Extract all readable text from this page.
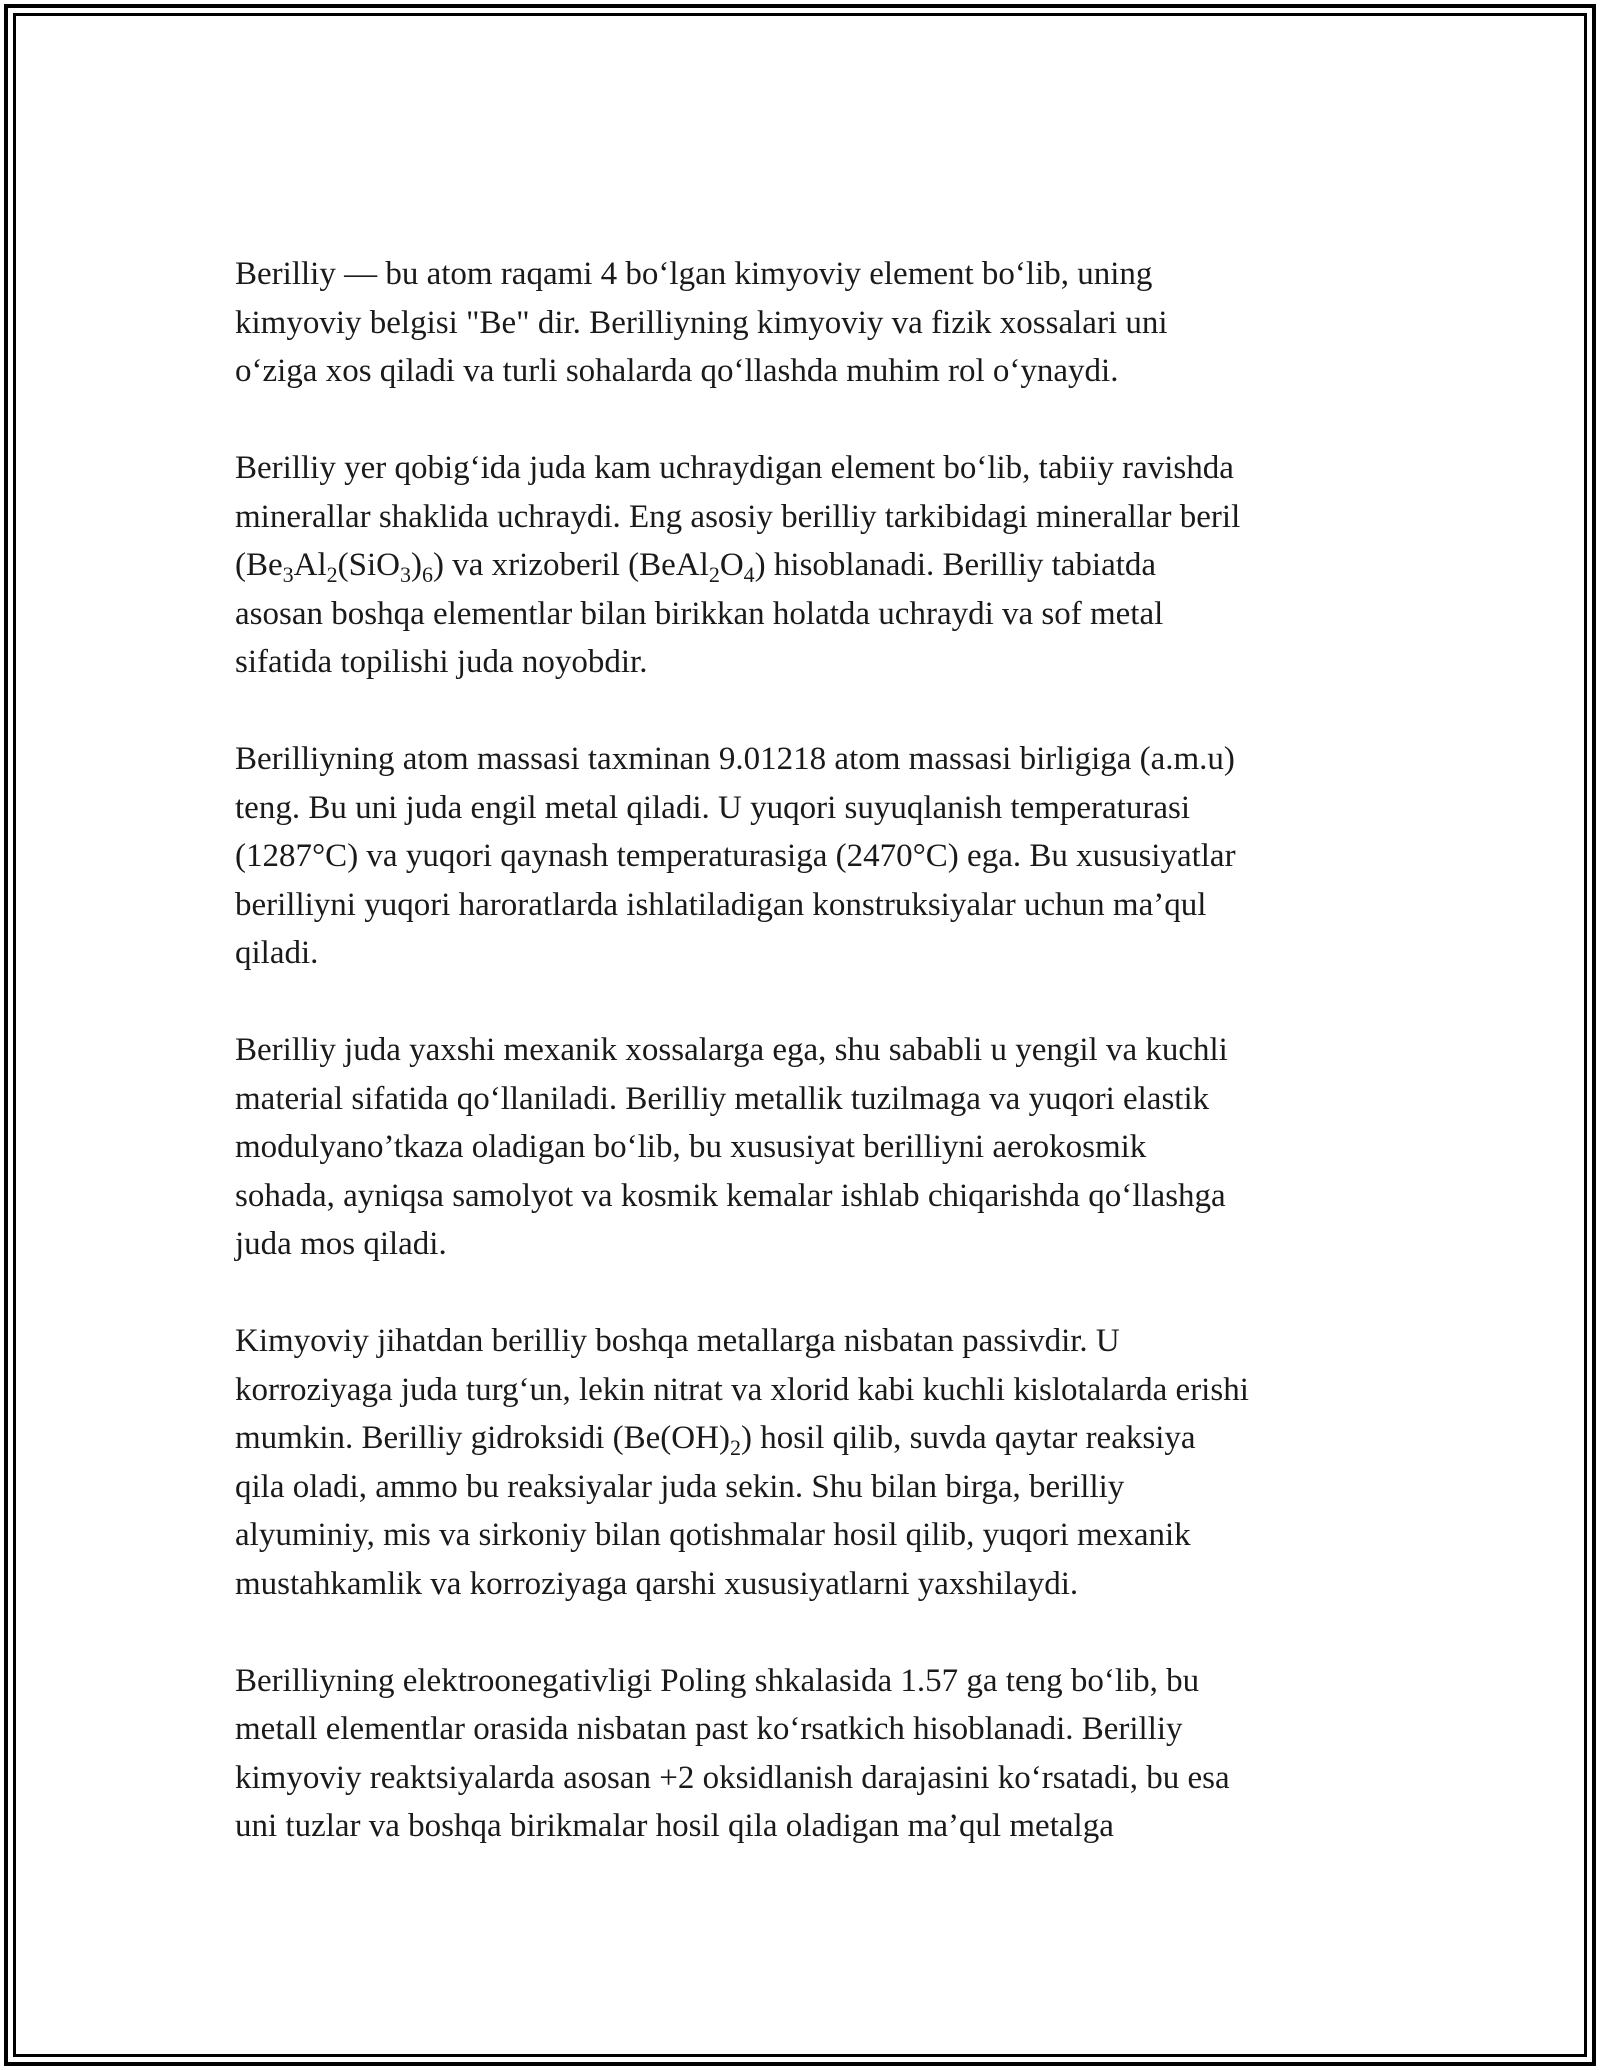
Berilliy — bu atom raqami 4 bo‘lgan kimyoviy element bo‘lib, uning
kimyoviy belgisi "Be" dir. Berilliyning kimyoviy va fizik xossalari uni
o‘ziga xos qiladi va turli sohalarda qo‘llashda muhim rol o‘ynaydi.

Berilliy yer qobig‘ida juda kam uchraydigan element bo‘lib, tabiiy ravishda
minerallar shaklida uchraydi. Eng asosiy berilliy tarkibidagi minerallar beril
$(Be_3Al_2(SiO_3)_6)$ va xrizoberil $(BeAl_2O_4)$ hisoblanadi. Berilliy tabiatda
asosan boshqa elementlar bilan birikkan holatda uchraydi va sof metal
sifatida topilishi juda noyobdir.

Berilliyning atom massasi taxminan 9.01218 atom massasi birligiga (a.m.u)
teng. Bu uni juda engil metal qiladi. U yuqori suyuqlanish temperaturasi
(1287°C) va yuqori qaynash temperaturasiga (2470°C) ega. Bu xususiyatlar
berilliyni yuqori haroratlarda ishlatiladigan konstruksiyalar uchun ma’qul
qiladi.

Berilliy juda yaxshi mexanik xossalarga ega, shu sababli u yengil va kuchli
material sifatida qo‘llaniladi. Berilliy metallik tuzilmaga va yuqori elastik
modulyano’tkaza oladigan bo‘lib, bu xususiyat berilliyni aerokosmik
sohada, ayniqsa samolyot va kosmik kemalar ishlab chiqarishda qo‘llashga
juda mos qiladi.

Kimyoviy jihatdan berilliy boshqa metallarga nisbatan passivdir. U
korroziyaga juda turg‘un, lekin nitrat va xlorid kabi kuchli kislotalarda erishi
mumkin. Berilliy gidroksidi $(Be(OH)_2)$ hosil qilib, suvda qaytar reaksiya
qila oladi, ammo bu reaksiyalar juda sekin. Shu bilan birga, berilliy
alyuminiy, mis va sirkoniy bilan qotishmalar hosil qilib, yuqori mexanik
mustahkamlik va korroziyaga qarshi xususiyatlarni yaxshilaydi.

Berilliyning elektroonegativligi Poling shkalasida 1.57 ga teng bo‘lib, bu
metall elementlar orasida nisbatan past ko‘rsatkich hisoblanadi. Berilliy
kimyoviy reaktsiyalarda asosan +2 oksidlanish darajasini ko‘rsatadi, bu esa
uni tuzlar va boshqa birikmalar hosil qila oladigan ma’qul metalga
